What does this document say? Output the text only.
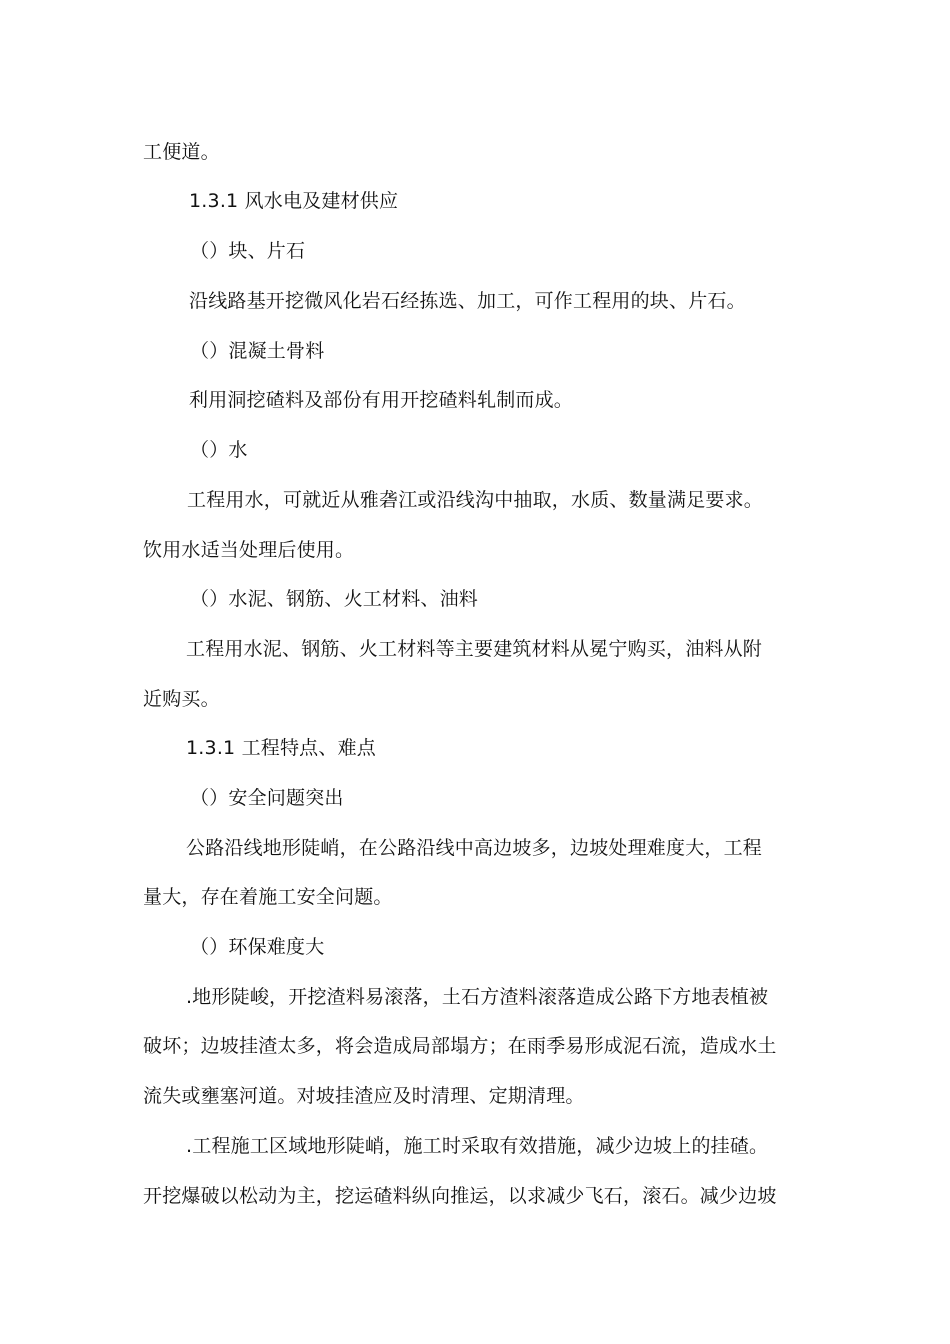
工便道。
1.3.1 风水电及建材供应
（）块、片石
沿线路基开挖微风化岩石经拣选、加工，可作工程用的块、片石。
（）混凝土骨料
利用洞挖碴料及部份有用开挖碴料轧制而成。
（）水
工程用水，可就近从雅砻江或沿线沟中抽取，水质、数量满足要求。
饮用水适当处理后使用。
（）水泥、钢筋、火工材料、油料
工程用水泥、钢筋、火工材料等主要建筑材料从冕宁购买，油料从附
近购买。
1.3.1 工程特点、难点
（）安全问题突出
公路沿线地形陡峭，在公路沿线中高边坡多，边坡处理难度大，工程
量大，存在着施工安全问题。
（）环保难度大
.地形陡峻，开挖渣料易滚落，土石方渣料滚落造成公路下方地表植被
破坏；边坡挂渣太多，将会造成局部塌方；在雨季易形成泥石流，造成水土
流失或壅塞河道。对坡挂渣应及时清理、定期清理。
.工程施工区域地形陡峭，施工时采取有效措施，减少边坡上的挂碴。
开挖爆破以松动为主，挖运碴料纵向推运，以求减少飞石，滚石。减少边坡
